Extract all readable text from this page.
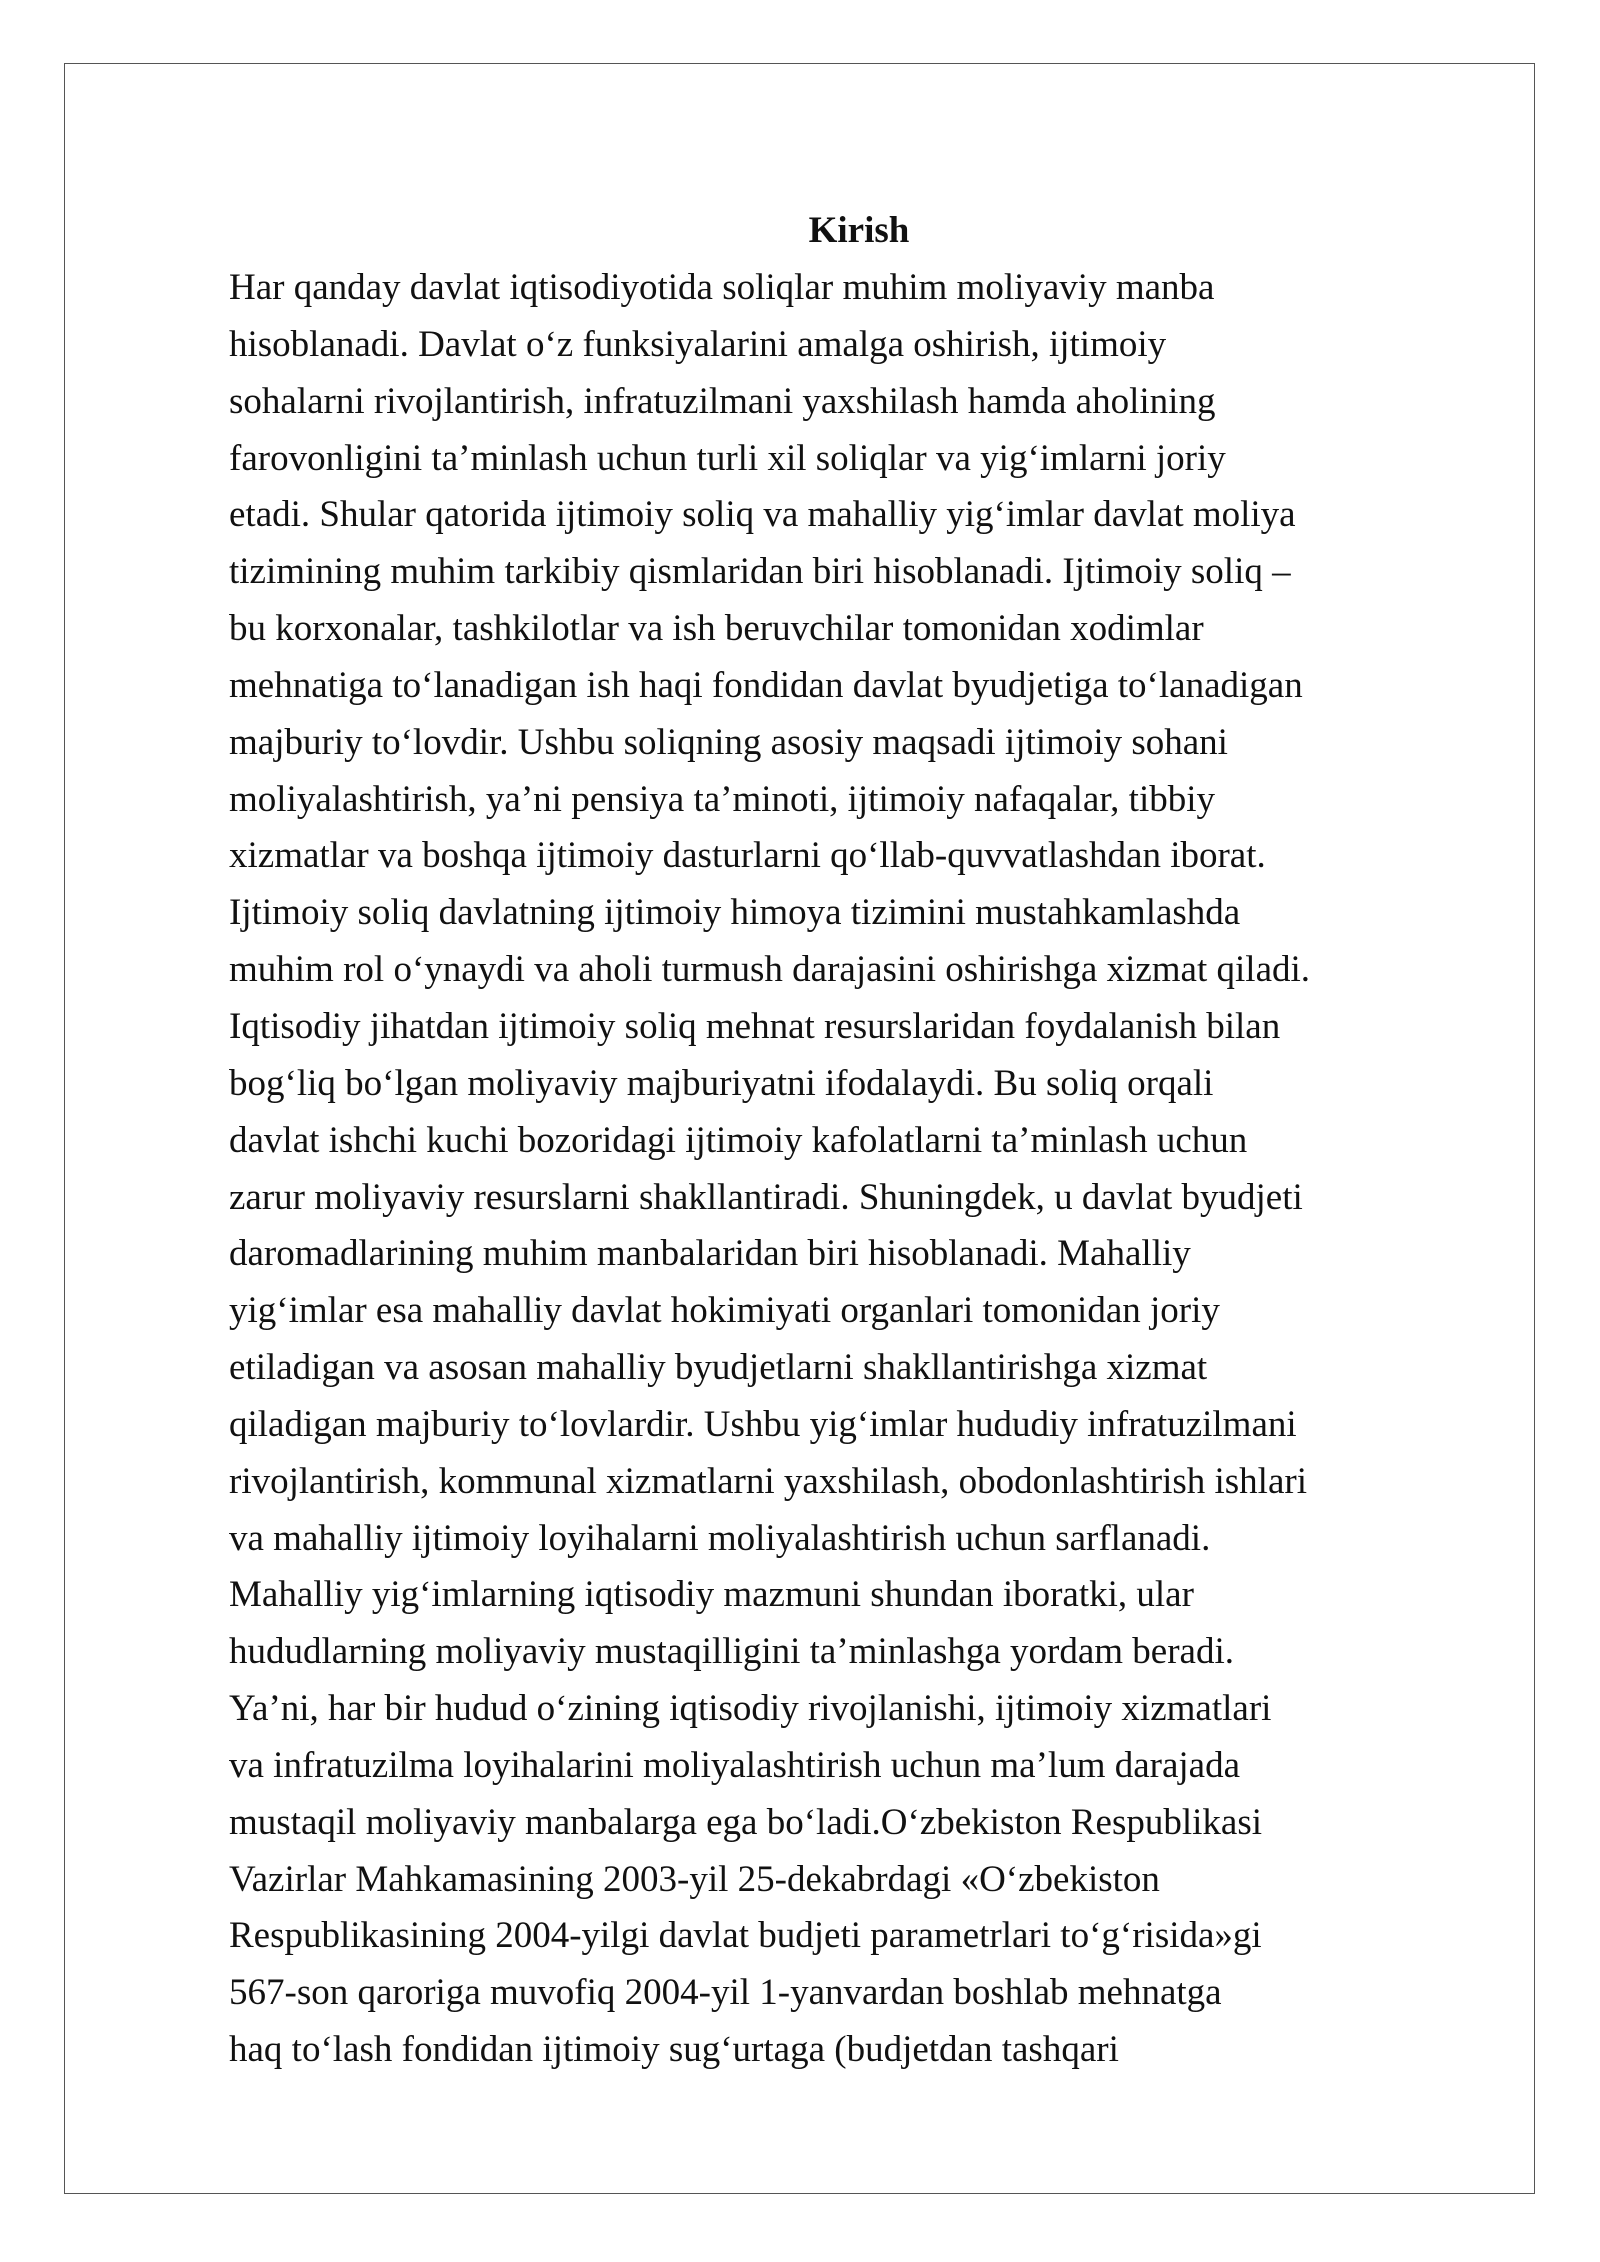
Kirish
Har qanday davlat iqtisodiyotida soliqlar muhim moliyaviy manba
hisoblanadi. Davlat o‘z funksiyalarini amalga oshirish, ijtimoiy
sohalarni rivojlantirish, infratuzilmani yaxshilash hamda aholining
farovonligini ta’minlash uchun turli xil soliqlar va yig‘imlarni joriy
etadi. Shular qatorida ijtimoiy soliq va mahalliy yig‘imlar davlat moliya
tizimining muhim tarkibiy qismlaridan biri hisoblanadi. Ijtimoiy soliq –
bu korxonalar, tashkilotlar va ish beruvchilar tomonidan xodimlar
mehnatiga to‘lanadigan ish haqi fondidan davlat byudjetiga to‘lanadigan
majburiy to‘lovdir. Ushbu soliqning asosiy maqsadi ijtimoiy sohani
moliyalashtirish, ya’ni pensiya ta’minoti, ijtimoiy nafaqalar, tibbiy
xizmatlar va boshqa ijtimoiy dasturlarni qo‘llab-quvvatlashdan iborat.
Ijtimoiy soliq davlatning ijtimoiy himoya tizimini mustahkamlashda
muhim rol o‘ynaydi va aholi turmush darajasini oshirishga xizmat qiladi.
Iqtisodiy jihatdan ijtimoiy soliq mehnat resurslaridan foydalanish bilan
bog‘liq bo‘lgan moliyaviy majburiyatni ifodalaydi. Bu soliq orqali
davlat ishchi kuchi bozoridagi ijtimoiy kafolatlarni ta’minlash uchun
zarur moliyaviy resurslarni shakllantiradi. Shuningdek, u davlat byudjeti
daromadlarining muhim manbalaridan biri hisoblanadi. Mahalliy
yig‘imlar esa mahalliy davlat hokimiyati organlari tomonidan joriy
etiladigan va asosan mahalliy byudjetlarni shakllantirishga xizmat
qiladigan majburiy to‘lovlardir. Ushbu yig‘imlar hududiy infratuzilmani
rivojlantirish, kommunal xizmatlarni yaxshilash, obodonlashtirish ishlari
va mahalliy ijtimoiy loyihalarni moliyalashtirish uchun sarflanadi.
Mahalliy yig‘imlarning iqtisodiy mazmuni shundan iboratki, ular
hududlarning moliyaviy mustaqilligini ta’minlashga yordam beradi.
Ya’ni, har bir hudud o‘zining iqtisodiy rivojlanishi, ijtimoiy xizmatlari
va infratuzilma loyihalarini moliyalashtirish uchun ma’lum darajada
mustaqil moliyaviy manbalarga ega bo‘ladi.O‘zbekiston Respublikasi
Vazirlar Mahkamasining 2003-yil 25-dekabrdagi «O‘zbekiston
Respublikasining 2004-yilgi davlat budjeti parametrlari to‘g‘risida»gi
567-son qaroriga muvofiq 2004-yil 1-yanvardan boshlab mehnatga
haq to‘lash fondidan ijtimoiy sug‘urtaga (budjetdan tashqari
